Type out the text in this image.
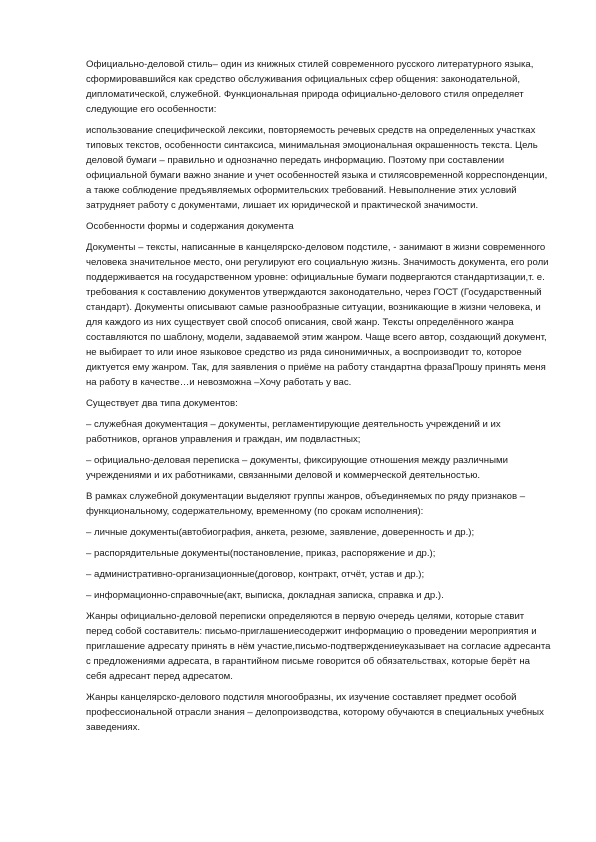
Официально-деловой стиль– один из книжных стилей современного русского литературного языка, сформировавшийся как средство обслуживания официальных сфер общения: законодательной, дипломатической, служебной. Функциональная природа официально-делового стиля определяет следующие его особенности:

использование специфической лексики, повторяемость речевых средств на определенных участках типовых текстов, особенности синтаксиса, минимальная эмоциональная окрашенность текста. Цель деловой бумаги – правильно и однозначно передать информацию. Поэтому при составлении официальной бумаги важно знание и учет особенностей языка и стилясовременной корреспонденции, а также соблюдение предъявляемых оформительских требований. Невыполнение этих условий затрудняет работу с документами, лишает их юридической и практической значимости.

Особенности формы и содержания документа

Документы – тексты, написанные в канцелярско-деловом подстиле, - занимают в жизни современного человека значительное место, они регулируют его социальную жизнь. Значимость документа, его роли поддерживается на государственном уровне: официальные бумаги подвергаются стандартизации,т. е. требования к составлению документов утверждаются законодательно, через ГОСТ (Государственный стандарт). Документы описывают самые разнообразные ситуации, возникающие в жизни человека, и для каждого из них существует свой способ описания, свой жанр. Тексты определённого жанра составляются по шаблону, модели, задаваемой этим жанром. Чаще всего автор, создающий документ, не выбирает то или иное языковое средство из ряда синонимичных, а воспроизводит то, которое диктуется ему жанром. Так, для заявления о приёме на работу стандартна фразаПрошу принять меня на работу в качестве…и невозможна –Хочу работать у вас.

Существует два типа документов:

– служебная документация – документы, регламентирующие деятельность учреждений и их работников, органов управления и граждан, им подвластных;

– официально-деловая переписка – документы, фиксирующие отношения между различными учреждениями и их работниками, связанными деловой и коммерческой деятельностью.

В рамках служебной документации выделяют группы жанров, объединяемых по ряду признаков – функциональному, содержательному, временному (по срокам исполнения):

– личные документы(автобиография, анкета, резюме, заявление, доверенность и др.);

– распорядительные документы(постановление, приказ, распоряжение и др.);

– административно-организационные(договор, контракт, отчёт, устав и др.);

– информационно-справочные(акт, выписка, докладная записка, справка и др.).

Жанры официально-деловой переписки определяются в первую очередь целями, которые ставит перед собой составитель: письмо-приглашениесодержит информацию о проведении мероприятия и приглашение адресату принять в нём участие,письмо-подтверждениеуказывает на согласие адресанта с предложениями адресата, в гарантийном письме говорится об обязательствах, которые берёт на себя адресант перед адресатом.

Жанры канцелярско-делового подстиля многообразны, их изучение составляет предмет особой профессиональной отрасли знания – делопроизводства, которому обучаются в специальных учебных заведениях.
